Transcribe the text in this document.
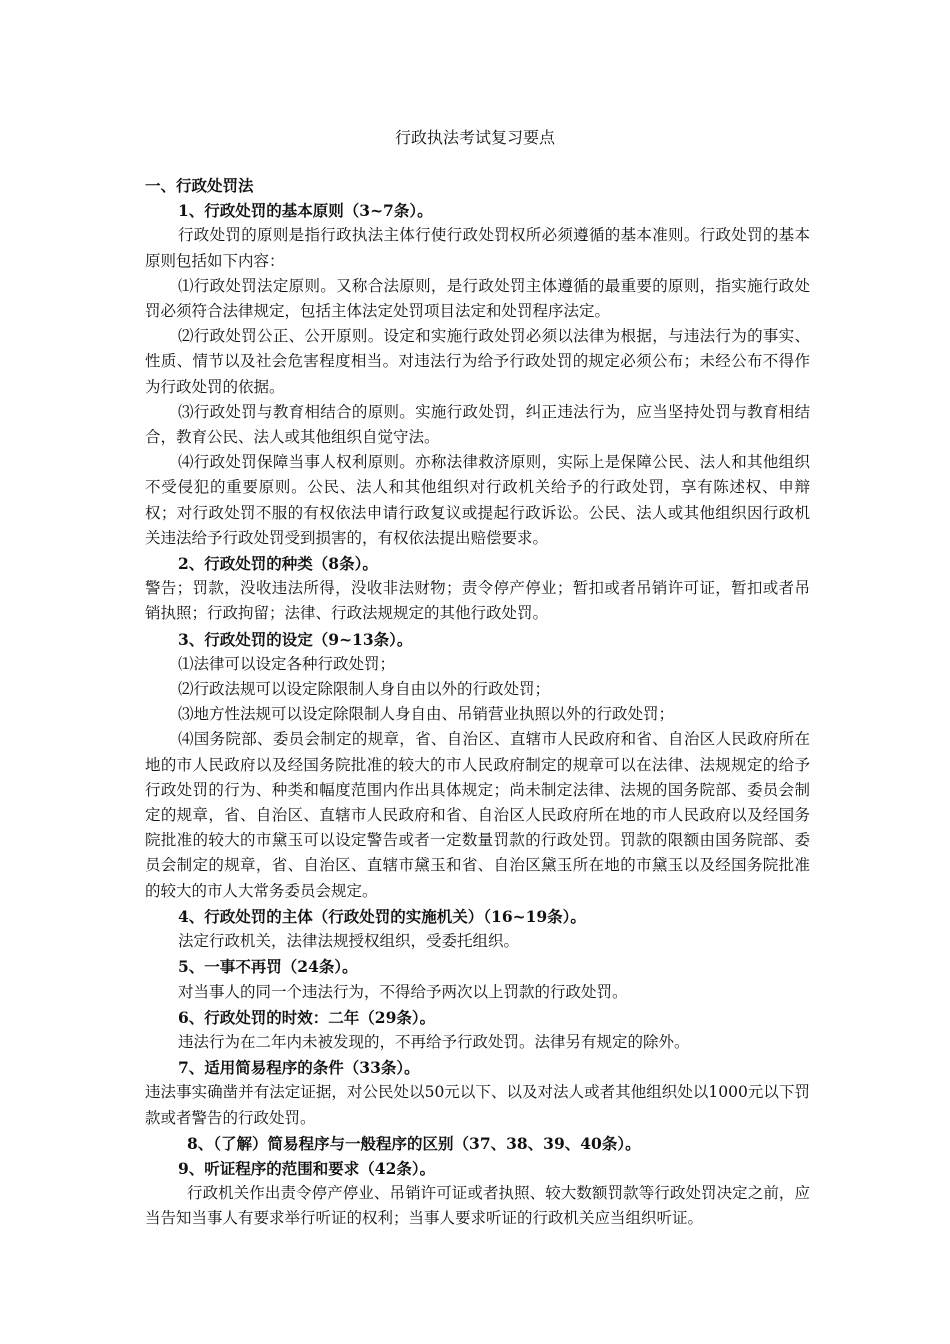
行政执法考试复习要点

一、行政处罚法

1、行政处罚的基本原则（3~7条）。

行政处罚的原则是指行政执法主体行使行政处罚权所必须遵循的基本准则。行政处罚的基本原则包括如下内容：

⑴行政处罚法定原则。又称合法原则，是行政处罚主体遵循的最重要的原则，指实施行政处罚必须符合法律规定，包括主体法定处罚项目法定和处罚程序法定。

⑵行政处罚公正、公开原则。设定和实施行政处罚必须以法律为根据，与违法行为的事实、性质、情节以及社会危害程度相当。对违法行为给予行政处罚的规定必须公布；未经公布不得作为行政处罚的依据。

⑶行政处罚与教育相结合的原则。实施行政处罚，纠正违法行为，应当坚持处罚与教育相结合，教育公民、法人或其他组织自觉守法。

⑷行政处罚保障当事人权利原则。亦称法律救济原则，实际上是保障公民、法人和其他组织不受侵犯的重要原则。公民、法人和其他组织对行政机关给予的行政处罚，享有陈述权、申辩权；对行政处罚不服的有权依法申请行政复议或提起行政诉讼。公民、法人或其他组织因行政机关违法给予行政处罚受到损害的，有权依法提出赔偿要求。

2、行政处罚的种类（8条）。

警告；罚款，没收违法所得，没收非法财物；责令停产停业；暂扣或者吊销许可证，暂扣或者吊销执照；行政拘留；法律、行政法规规定的其他行政处罚。

3、行政处罚的设定（9~13条）。

⑴法律可以设定各种行政处罚；

⑵行政法规可以设定除限制人身自由以外的行政处罚；

⑶地方性法规可以设定除限制人身自由、吊销营业执照以外的行政处罚；

⑷国务院部、委员会制定的规章，省、自治区、直辖市人民政府和省、自治区人民政府所在地的市人民政府以及经国务院批准的较大的市人民政府制定的规章可以在法律、法规规定的给予行政处罚的行为、种类和幅度范围内作出具体规定；尚未制定法律、法规的国务院部、委员会制定的规章，省、自治区、直辖市人民政府和省、自治区人民政府所在地的市人民政府以及经国务院批准的较大的市黛玉可以设定警告或者一定数量罚款的行政处罚。罚款的限额由国务院部、委员会制定的规章，省、自治区、直辖市黛玉和省、自治区黛玉所在地的市黛玉以及经国务院批准的较大的市人大常务委员会规定。

4、行政处罚的主体（行政处罚的实施机关）（16~19条）。

法定行政机关，法律法规授权组织，受委托组织。

5、一事不再罚（24条）。

对当事人的同一个违法行为，不得给予两次以上罚款的行政处罚。

6、行政处罚的时效：二年（29条）。

违法行为在二年内未被发现的，不再给予行政处罚。法律另有规定的除外。

7、适用简易程序的条件（33条）。

违法事实确凿并有法定证据，对公民处以50元以下、以及对法人或者其他组织处以1000元以下罚款或者警告的行政处罚。

8、（了解）简易程序与一般程序的区别（37、38、39、40条）。

9、听证程序的范围和要求（42条）。

行政机关作出责令停产停业、吊销许可证或者执照、较大数额罚款等行政处罚决定之前，应当告知当事人有要求举行听证的权利；当事人要求听证的行政机关应当组织听证。
